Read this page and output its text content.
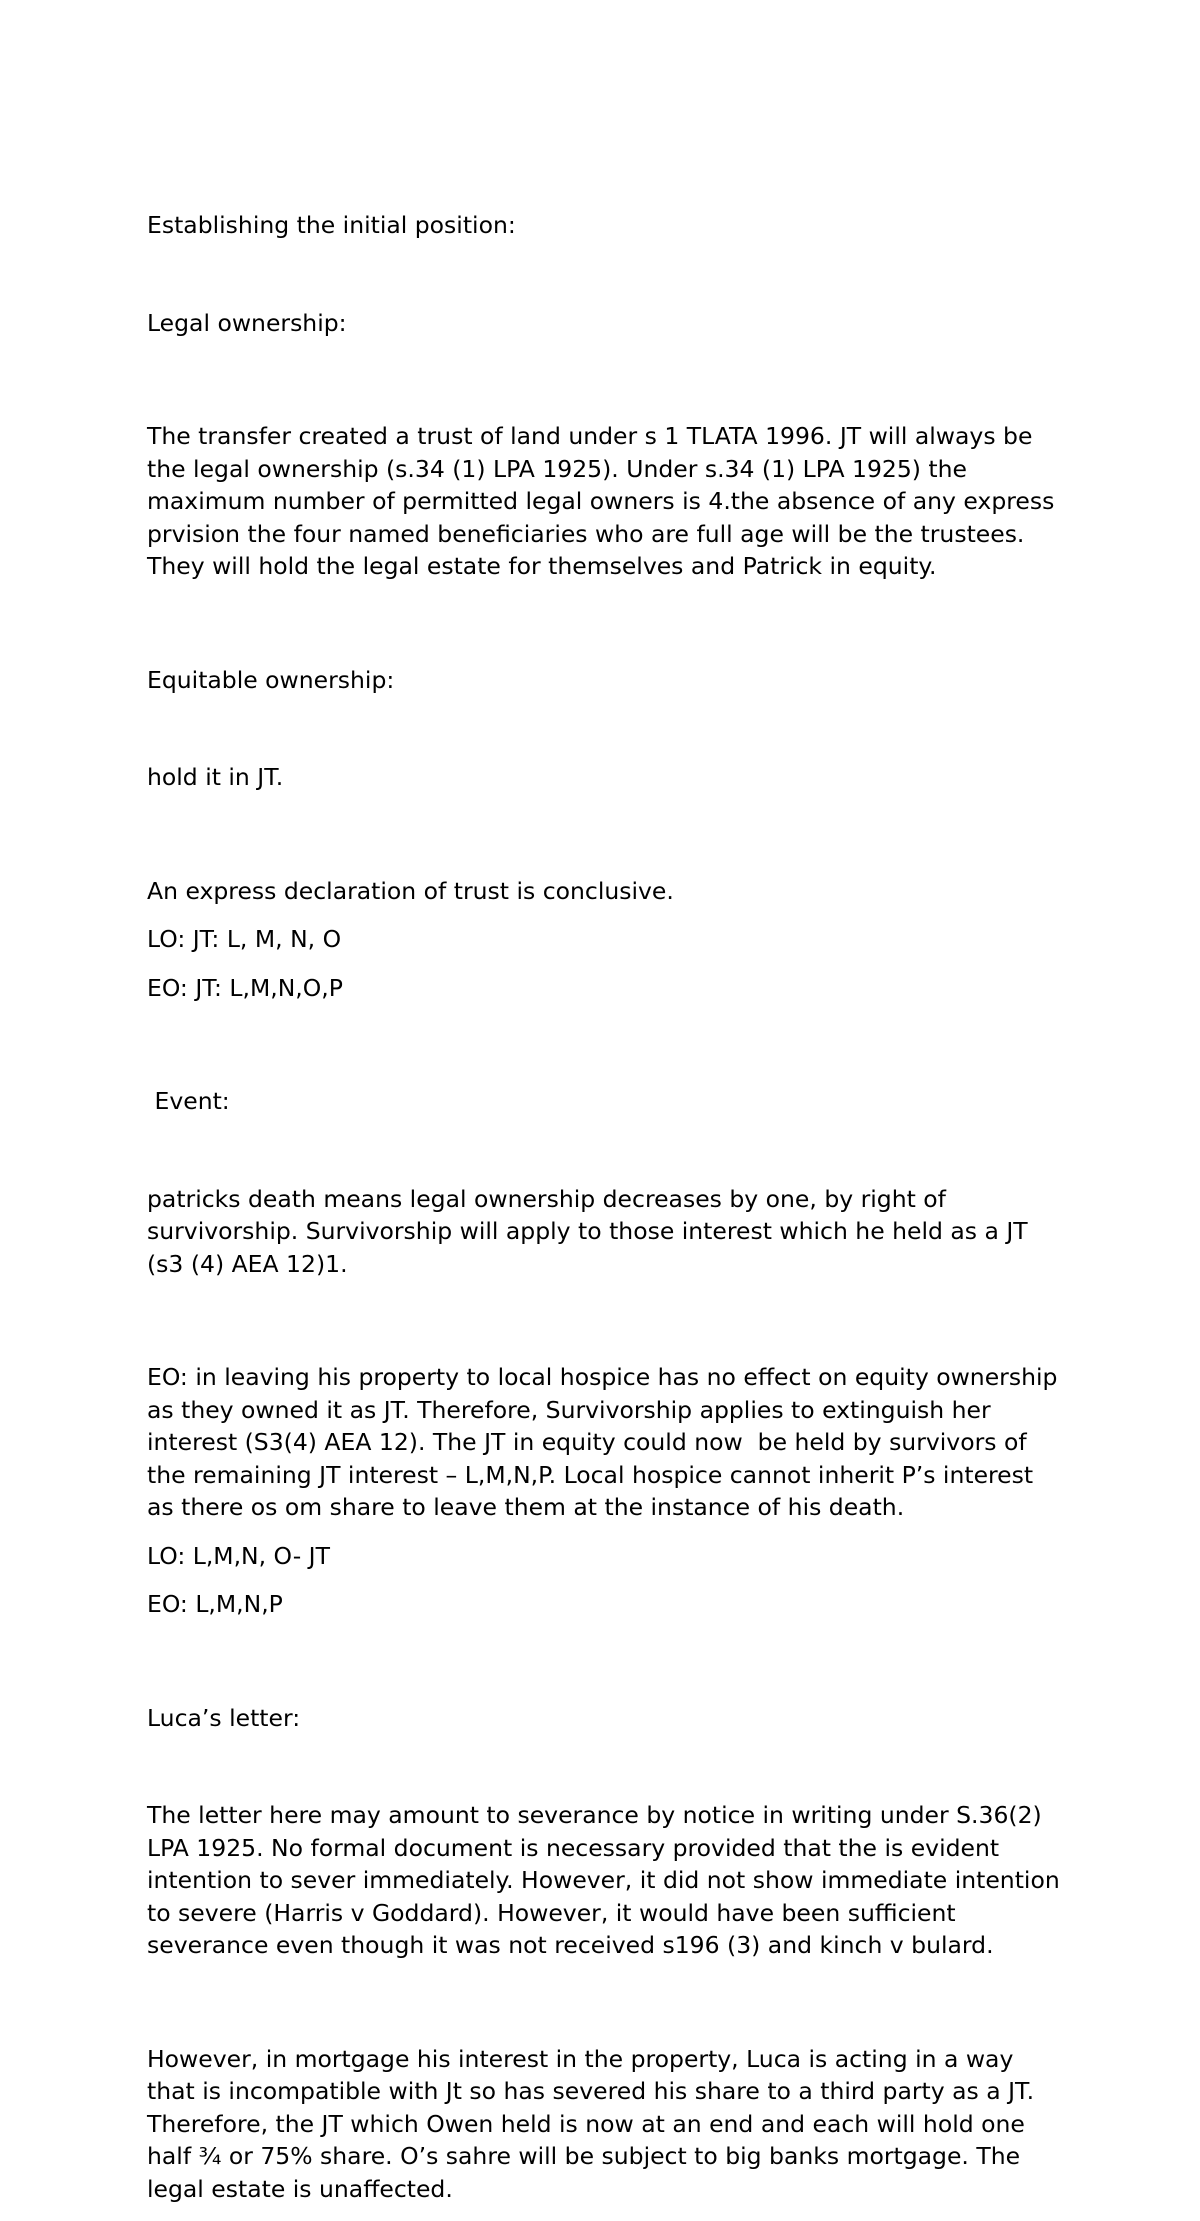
Establishing the initial position:

Legal ownership:

The transfer created a trust of land under s 1 TLATA 1996. JT will always be the legal ownership (s.34 (1) LPA 1925). Under s.34 (1) LPA 1925) the maximum number of permitted legal owners is 4.the absence of any express prvision the four named beneficiaries who are full age will be the trustees. They will hold the legal estate for themselves and Patrick in equity.

Equitable ownership:

hold it in JT.

An express declaration of trust is conclusive.

LO: JT: L, M, N, O

EO: JT: L,M,N,O,P

Event:

patricks death means legal ownership decreases by one, by right of survivorship. Survivorship will apply to those interest which he held as a JT (s3 (4) AEA 12)1.

EO: in leaving his property to local hospice has no effect on equity ownership as they owned it as JT. Therefore, Survivorship applies to extinguish her interest (S3(4) AEA 12). The JT in equity could now  be held by survivors of the remaining JT interest – L,M,N,P. Local hospice cannot inherit P’s interest as there os om share to leave them at the instance of his death.

LO: L,M,N, O- JT

EO: L,M,N,P

Luca’s letter:

The letter here may amount to severance by notice in writing under S.36(2) LPA 1925. No formal document is necessary provided that the is evident intention to sever immediately. However, it did not show immediate intention to severe (Harris v Goddard). However, it would have been sufficient severance even though it was not received s196 (3) and kinch v bulard.

However, in mortgage his interest in the property, Luca is acting in a way that is incompatible with Jt so has severed his share to a third party as a JT. Therefore, the JT which Owen held is now at an end and each will hold one half ¾ or 75% share. O’s sahre will be subject to big banks mortgage. The legal estate is unaffected.
